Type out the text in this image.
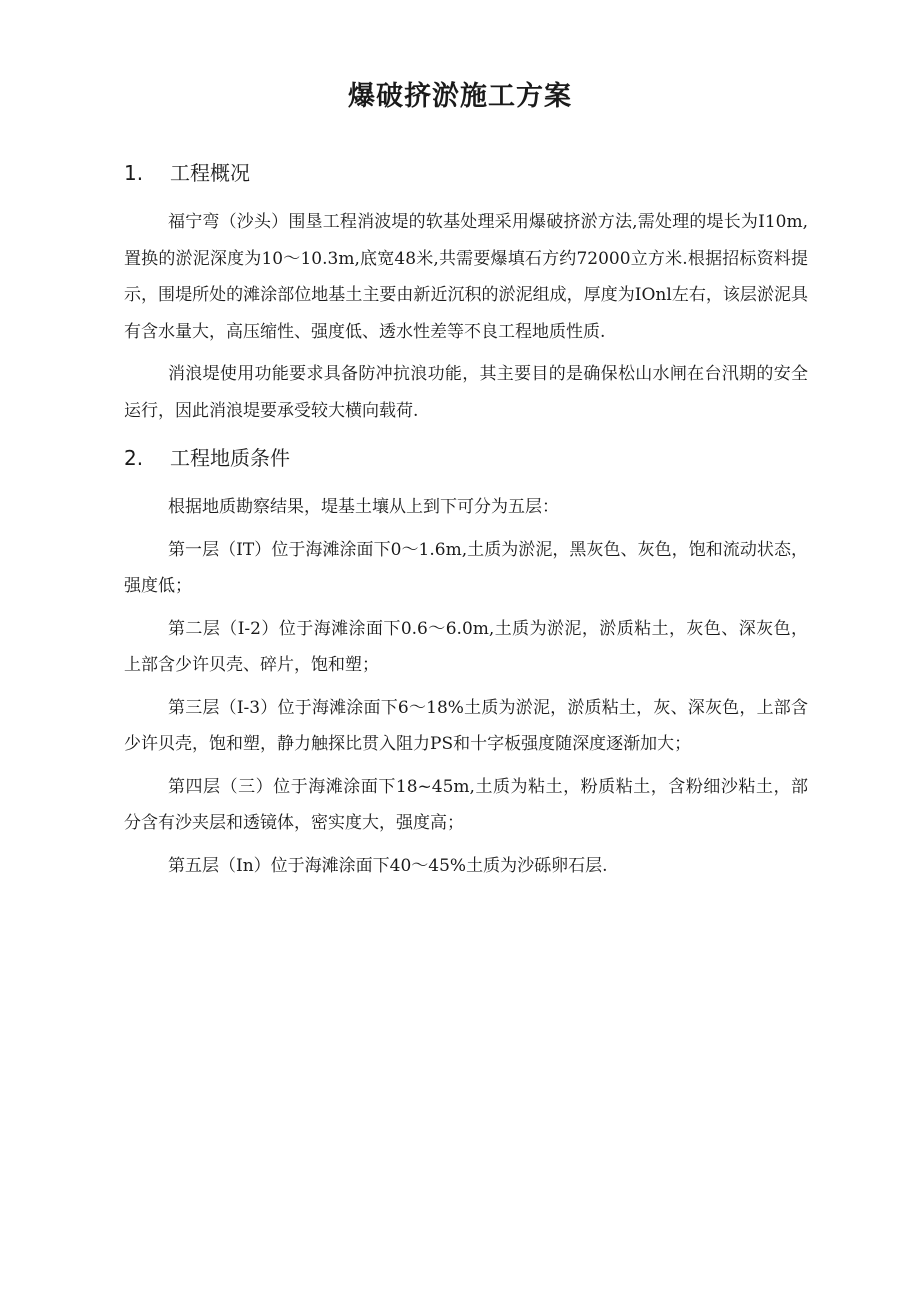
爆破挤淤施工方案
1. 工程概况

福宁弯（沙头）围垦工程消波堤的软基处理采用爆破挤淤方法,需处理的堤长为I10m,置换的淤泥深度为10～10.3m,底宽48米,共需要爆填石方约72000立方米.根据招标资料提示，围堤所处的滩涂部位地基土主要由新近沉积的淤泥组成，厚度为IOnl左右，该层淤泥具有含水量大，高压缩性、强度低、透水性差等不良工程地质性质.

消浪堤使用功能要求具备防冲抗浪功能，其主要目的是确保松山水闸在台汛期的安全运行，因此消浪堤要承受较大横向载荷.

2. 工程地质条件

根据地质勘察结果，堤基土壤从上到下可分为五层：

第一层（IT）位于海滩涂面下0～1.6m,土质为淤泥，黑灰色、灰色，饱和流动状态，强度低；

第二层（I-2）位于海滩涂面下0.6～6.0m,土质为淤泥，淤质粘土，灰色、深灰色，上部含少许贝壳、碎片，饱和塑；

第三层（I-3）位于海滩涂面下6～18%土质为淤泥，淤质粘土，灰、深灰色，上部含少许贝壳，饱和塑，静力触探比贯入阻力PS和十字板强度随深度逐渐加大；

第四层（三）位于海滩涂面下18~45m,土质为粘土，粉质粘土，含粉细沙粘土，部分含有沙夹层和透镜体，密实度大，强度高；

第五层（In）位于海滩涂面下40～45%土质为沙砾卵石层.
